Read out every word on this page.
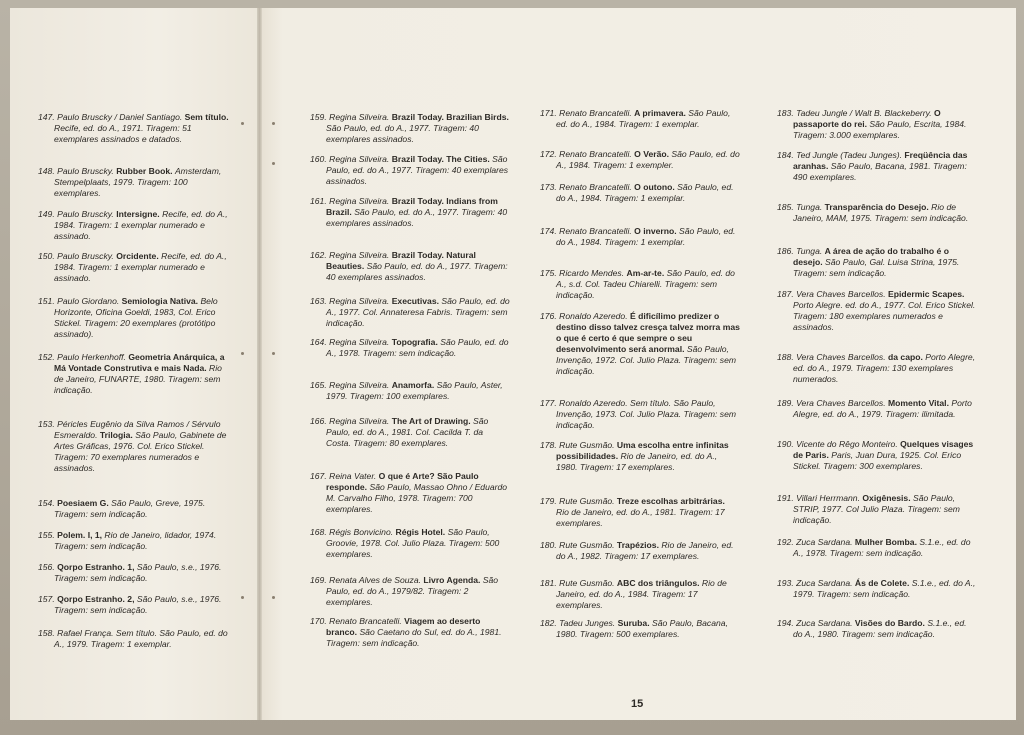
147. Paulo Bruscky / Daniel Santiago. Sem título. Recife, ed. do A., 1971. Tiragem: 51 exemplares assinados e datados.
148. Paulo Bruscky. Rubber Book. Amsterdam, Stempelplaats, 1979. Tiragem: 100 exemplares.
149. Paulo Bruscky. Intersigne. Recife, ed. do A., 1984. Tiragem: 1 exemplar numerado e assinado.
150. Paulo Bruscky. Orcidente. Recife, ed. do A., 1984. Tiragem: 1 exemplar numerado e assinado.
151. Paulo Giordano. Semiologia Nativa. Belo Horizonte, Oficina Goeldi, 1983, Col. Erico Stickel. Tiragem: 20 exemplares (protótipo assinado).
152. Paulo Herkenhoff. Geometria Anárquica, a Má Vontade Construtiva e mais Nada. Rio de Janeiro, FUNARTE, 1980. Tiragem: sem indicação.
153. Péricles Eugênio da Silva Ramos / Sérvulo Esmeraldo. Trilogia. São Paulo, Gabinete de Artes Gráficas, 1976. Col. Erico Stickel. Tiragem: 70 exemplares numerados e assinados.
154. Poesiaem G. São Paulo, Greve, 1975. Tiragem: sem indicação.
155. Polem. I, 1, Rio de Janeiro, lidador, 1974. Tiragem: sem indicação.
156. Qorpo Estranho. 1, São Paulo, s.e., 1976. Tiragem: sem indicação.
157. Qorpo Estranho. 2, São Paulo, s.e., 1976. Tiragem: sem indicação.
158. Rafael França. Sem título. São Paulo, ed. do A., 1979. Tiragem: 1 exemplar.
159. Regina Silveira. Brazil Today. Brazilian Birds. São Paulo, ed. do A., 1977. Tiragem: 40 exemplares assinados.
160. Regina Silveira. Brazil Today. The Cities. São Paulo, ed. do A., 1977. Tiragem: 40 exemplares assinados.
161. Regina Silveira. Brazil Today. Indians from Brazil. São Paulo, ed. do A., 1977. Tiragem: 40 exemplares assinados.
162. Regina Silveira. Brazil Today. Natural Beauties. São Paulo, ed. do A., 1977. Tiragem: 40 exemplares assinados.
163. Regina Silveira. Executivas. São Paulo, ed. do A., 1977. Col. Annateresa Fabris. Tiragem: sem indicação.
164. Regina Silveira. Topografia. São Paulo, ed. do A., 1978. Tiragem: sem indicação.
165. Regina Silveira. Anamorfa. São Paulo, Aster, 1979. Tiragem: 100 exemplares.
166. Regina Silveira. The Art of Drawing. São Paulo, ed. do A., 1981. Col. Cacilda T. da Costa. Tiragem: 80 exemplares.
167. Reina Vater. O que é Arte? São Paulo responde. São Paulo, Massao Ohno / Eduardo M. Carvalho Filho, 1978. Tiragem: 700 exemplares.
168. Régis Bonvicino. Régis Hotel. São Paulo, Groovie, 1978. Col. Julio Plaza. Tiragem: 500 exemplares.
169. Renata Alves de Souza. Livro Agenda. São Paulo, ed. do A., 1979/82. Tiragem: 2 exemplares.
170. Renato Brancatelli. Viagem ao deserto branco. São Caetano do Sul, ed. do A., 1981. Tiragem: sem indicação.
171. Renato Brancatelli. A primavera. São Paulo, ed. do A., 1984. Tiragem: 1 exemplar.
172. Renato Brancatelli. O Verão. São Paulo, ed. do A., 1984. Tiragem: 1 exempler.
173. Renato Brancatelli. O outono. São Paulo, ed. do A., 1984. Tiragem: 1 exemplar.
174. Renato Brancatelli. O inverno. São Paulo, ed. do A., 1984. Tiragem: 1 exemplar.
175. Ricardo Mendes. Am-ar-te. São Paulo, ed. do A., s.d. Col. Tadeu Chiarelli. Tiragem: sem indicação.
176. Ronaldo Azeredo. É dificílimo predizer o destino disso talvez cresça talvez morra mas o que é certo é que sempre o seu desenvolvimento será anormal. São Paulo, Invenção, 1972. Col. Julio Plaza. Tiragem: sem indicação.
177. Ronaldo Azeredo. Sem título. São Paulo, Invenção, 1973. Col. Julio Plaza. Tiragem: sem indicação.
178. Rute Gusmão. Uma escolha entre infinitas possibilidades. Rio de Janeiro, ed. do A., 1980. Tiragem: 17 exemplares.
179. Rute Gusmão. Treze escolhas arbitrárias. Rio de Janeiro, ed. do A., 1981. Tiragem: 17 exemplares.
180. Rute Gusmão. Trapézios. Rio de Janeiro, ed. do A., 1982. Tiragem: 17 exemplares.
181. Rute Gusmão. ABC dos triângulos. Rio de Janeiro, ed. do A., 1984. Tiragem: 17 exemplares.
182. Tadeu Junges. Suruba. São Paulo, Bacana, 1980. Tiragem: 500 exemplares.
183. Tadeu Jungle / Walt B. Blackeberry. O passaporte do rei. São Paulo, Escrita, 1984. Tiragem: 3.000 exemplares.
184. Ted Jungle (Tadeu Junges). Freqüência das aranhas. São Paulo, Bacana, 1981. Tiragem: 490 exemplares.
185. Tunga. Transparência do Desejo. Rio de Janeiro, MAM, 1975. Tiragem: sem indicação.
186. Tunga. A área de ação do trabalho é o desejo. São Paulo, Gal. Luisa Strina, 1975. Tiragem: sem indicação.
187. Vera Chaves Barcellos. Epidermic Scapes. Porto Alegre. ed. do A., 1977. Col. Erico Stickel. Tiragem: 180 exemplares numerados e assinados.
188. Vera Chaves Barcellos. da capo. Porto Alegre, ed. do A., 1979. Tiragem: 130 exemplares numerados.
189. Vera Chaves Barcellos. Momento Vital. Porto Alegre, ed. do A., 1979. Tiragem: ilimitada.
190. Vicente do Rêgo Monteiro. Quelques visages de Paris. Paris, Juan Dura, 1925. Col. Erico Stickel. Tiragem: 300 exemplares.
191. Villari Herrmann. Oxigênesis. São Paulo, STRIP, 1977. Col Julio Plaza. Tiragem: sem indicação.
192. Zuca Sardana. Mulher Bomba. S.1.e., ed. do A., 1978. Tiragem: sem indicação.
193. Zuca Sardana. Ás de Colete. S.1.e., ed. do A., 1979. Tiragem: sem indicação.
194. Zuca Sardana. Visões do Bardo. S.1.e., ed. do A., 1980. Tiragem: sem indicação.
15
